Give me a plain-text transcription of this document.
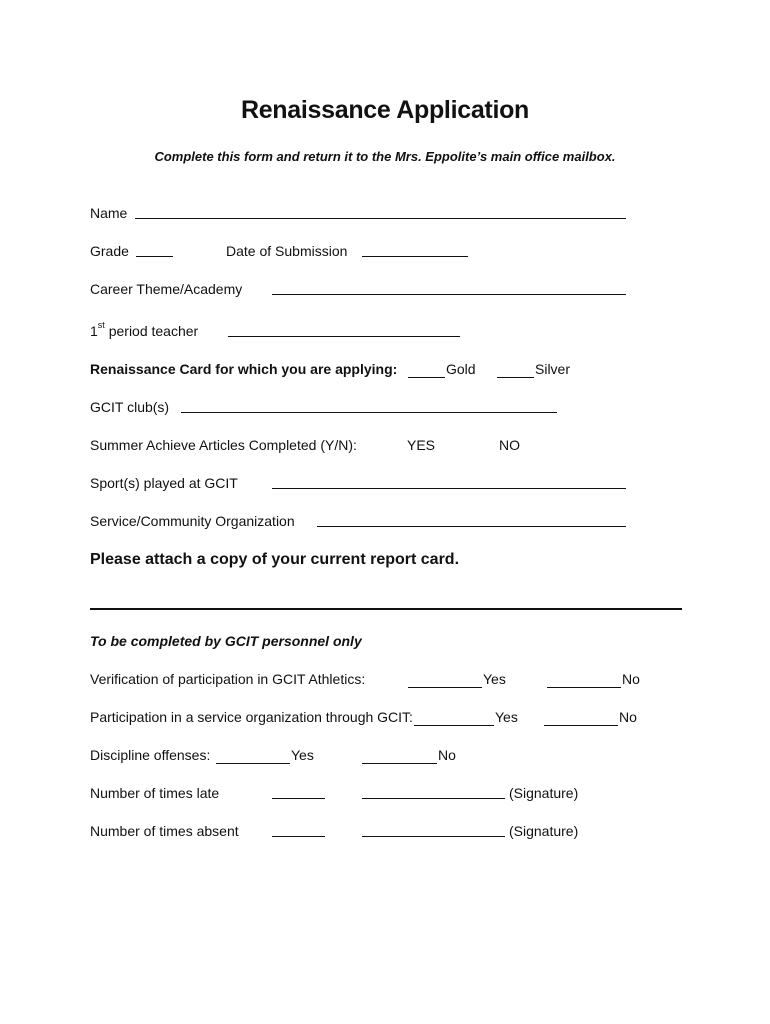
Renaissance Application
Complete this form and return it to the Mrs. Eppolite’s main office mailbox.
Name
Grade	Date of Submission
Career Theme/Academy
1st period teacher
Renaissance Card for which you are applying:	Gold	Silver
GCIT club(s)
Summer Achieve Articles Completed (Y/N):	YES	NO
Sport(s) played at GCIT
Service/Community Organization
Please attach a copy of your current report card.
To be completed by GCIT personnel only
Verification of participation in GCIT Athletics:	Yes	No
Participation in a service organization through GCIT:	Yes	No
Discipline offenses:	Yes	No
Number of times late	(Signature)
Number of times absent	(Signature)
